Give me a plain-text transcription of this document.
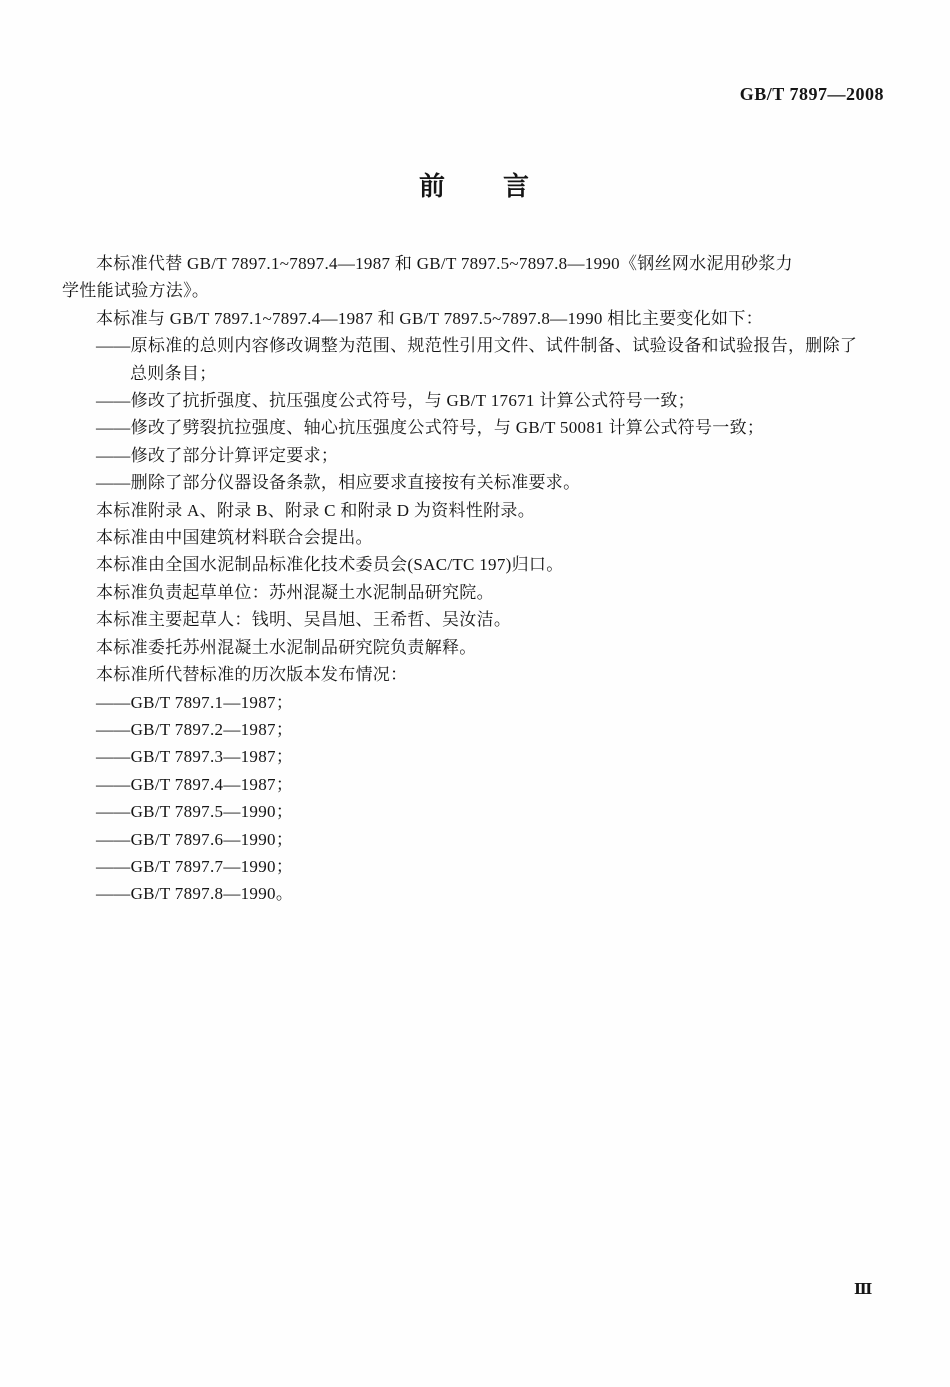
GB/T 7897—2008
前　　言
本标准代替 GB/T 7897.1~7897.4—1987 和 GB/T 7897.5~7897.8—1990《钢丝网水泥用砂浆力
学性能试验方法》。
本标准与 GB/T 7897.1~7897.4—1987 和 GB/T 7897.5~7897.8—1990 相比主要变化如下：
——原标准的总则内容修改调整为范围、规范性引用文件、试件制备、试验设备和试验报告，删除了
总则条目；
——修改了抗折强度、抗压强度公式符号，与 GB/T 17671 计算公式符号一致；
——修改了劈裂抗拉强度、轴心抗压强度公式符号，与 GB/T 50081 计算公式符号一致；
——修改了部分计算评定要求；
——删除了部分仪器设备条款，相应要求直接按有关标准要求。
本标准附录 A、附录 B、附录 C 和附录 D 为资料性附录。
本标准由中国建筑材料联合会提出。
本标准由全国水泥制品标准化技术委员会(SAC/TC 197)归口。
本标准负责起草单位：苏州混凝土水泥制品研究院。
本标准主要起草人：钱明、吴昌旭、王希哲、吴汝洁。
本标准委托苏州混凝土水泥制品研究院负责解释。
本标准所代替标准的历次版本发布情况：
——GB/T 7897.1—1987；
——GB/T 7897.2—1987；
——GB/T 7897.3—1987；
——GB/T 7897.4—1987；
——GB/T 7897.5—1990；
——GB/T 7897.6—1990；
——GB/T 7897.7—1990；
——GB/T 7897.8—1990。
Ⅲ
